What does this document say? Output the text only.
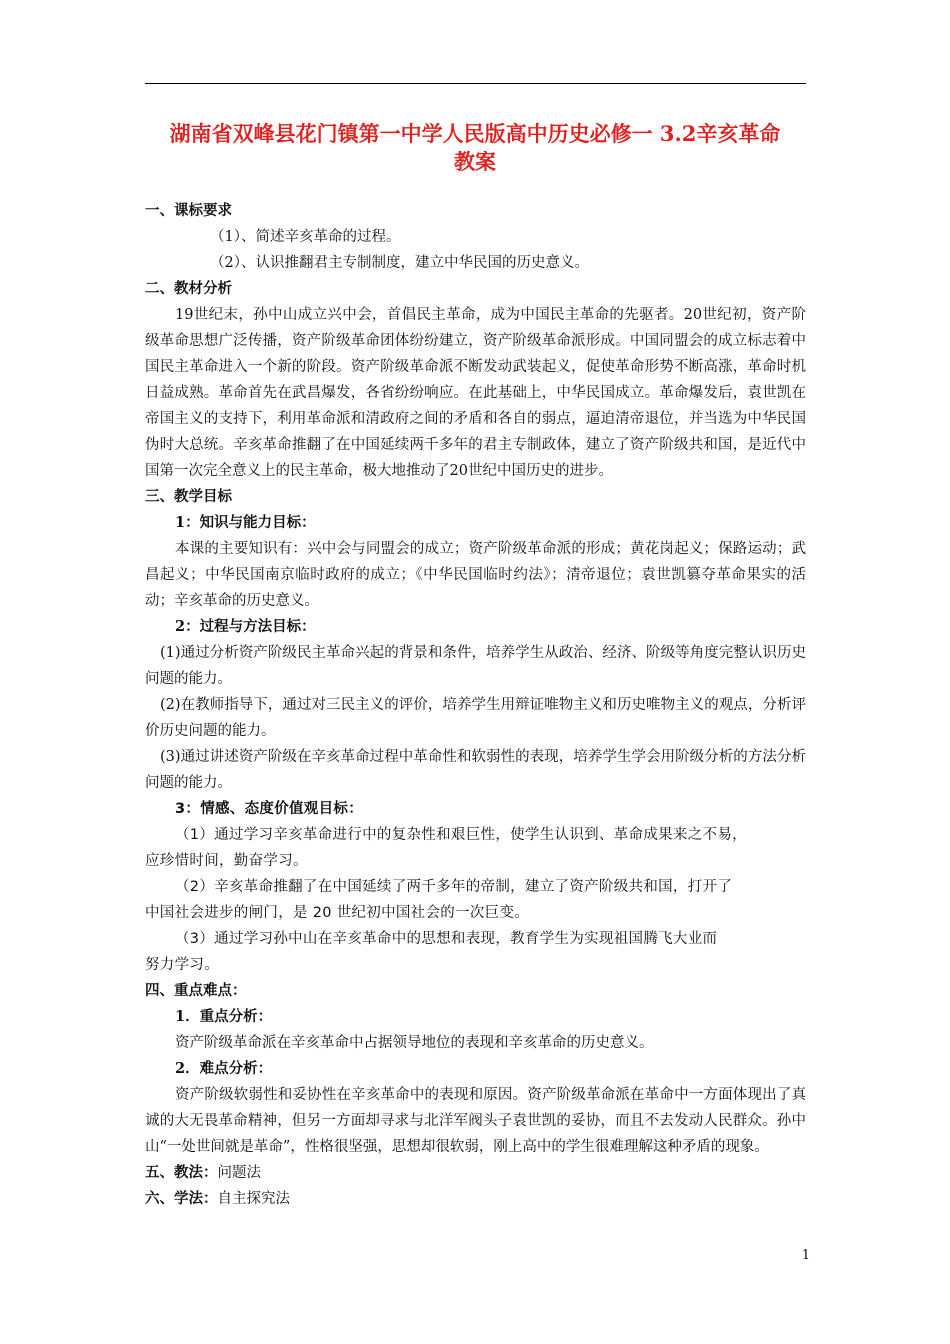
湖南省双峰县花门镇第一中学人民版高中历史必修一 3.2辛亥革命
教案

一、课标要求

（1）、简述辛亥革命的过程。

（2）、认识推翻君主专制制度，建立中华民国的历史意义。

二、教材分析

19世纪末，孙中山成立兴中会，首倡民主革命，成为中国民主革命的先驱者。20世纪初，资产阶级革命思想广泛传播，资产阶级革命团体纷纷建立，资产阶级革命派形成。中国同盟会的成立标志着中国民主革命进入一个新的阶段。资产阶级革命派不断发动武装起义，促使革命形势不断高涨，革命时机日益成熟。革命首先在武昌爆发，各省纷纷响应。在此基础上，中华民国成立。革命爆发后，袁世凯在帝国主义的支持下，利用革命派和清政府之间的矛盾和各自的弱点，逼迫清帝退位，并当选为中华民国伪时大总统。辛亥革命推翻了在中国延续两千多年的君主专制政体，建立了资产阶级共和国，是近代中国第一次完全意义上的民主革命，极大地推动了20世纪中国历史的进步。

三、教学目标

1：知识与能力目标：

本课的主要知识有：兴中会与同盟会的成立；资产阶级革命派的形成；黄花岗起义；保路运动；武昌起义；中华民国南京临时政府的成立；《中华民国临时约法》；清帝退位；袁世凯篡夺革命果实的活动；辛亥革命的历史意义。

2：过程与方法目标：

(1)通过分析资产阶级民主革命兴起的背景和条件，培养学生从政治、经济、阶级等角度完整认识历史问题的能力。

(2)在教师指导下，通过对三民主义的评价，培养学生用辩证唯物主义和历史唯物主义的观点，分析评价历史问题的能力。

(3)通过讲述资产阶级在辛亥革命过程中革命性和软弱性的表现，培养学生学会用阶级分析的方法分析问题的能力。

3：情感、态度价值观目标：

（1）通过学习辛亥革命进行中的复杂性和艰巨性，使学生认识到、革命成果来之不易，

应珍惜时间，勤奋学习。

（2）辛亥革命推翻了在中国延续了两千多年的帝制，建立了资产阶级共和国，打开了

中国社会进步的闸门，是 20 世纪初中国社会的一次巨变。

（3）通过学习孙中山在辛亥革命中的思想和表现，教育学生为实现祖国腾飞大业而

努力学习。

四、重点难点：

1．重点分析：

资产阶级革命派在辛亥革命中占据领导地位的表现和辛亥革命的历史意义。

2．难点分析：

资产阶级软弱性和妥协性在辛亥革命中的表现和原因。资产阶级革命派在革命中一方面体现出了真诚的大无畏革命精神，但另一方面却寻求与北洋军阀头子袁世凯的妥协，而且不去发动人民群众。孙中山“一处世间就是革命”，性格很坚强，思想却很软弱，刚上高中的学生很难理解这种矛盾的现象。

五、教法：问题法

六、学法：自主探究法

1
